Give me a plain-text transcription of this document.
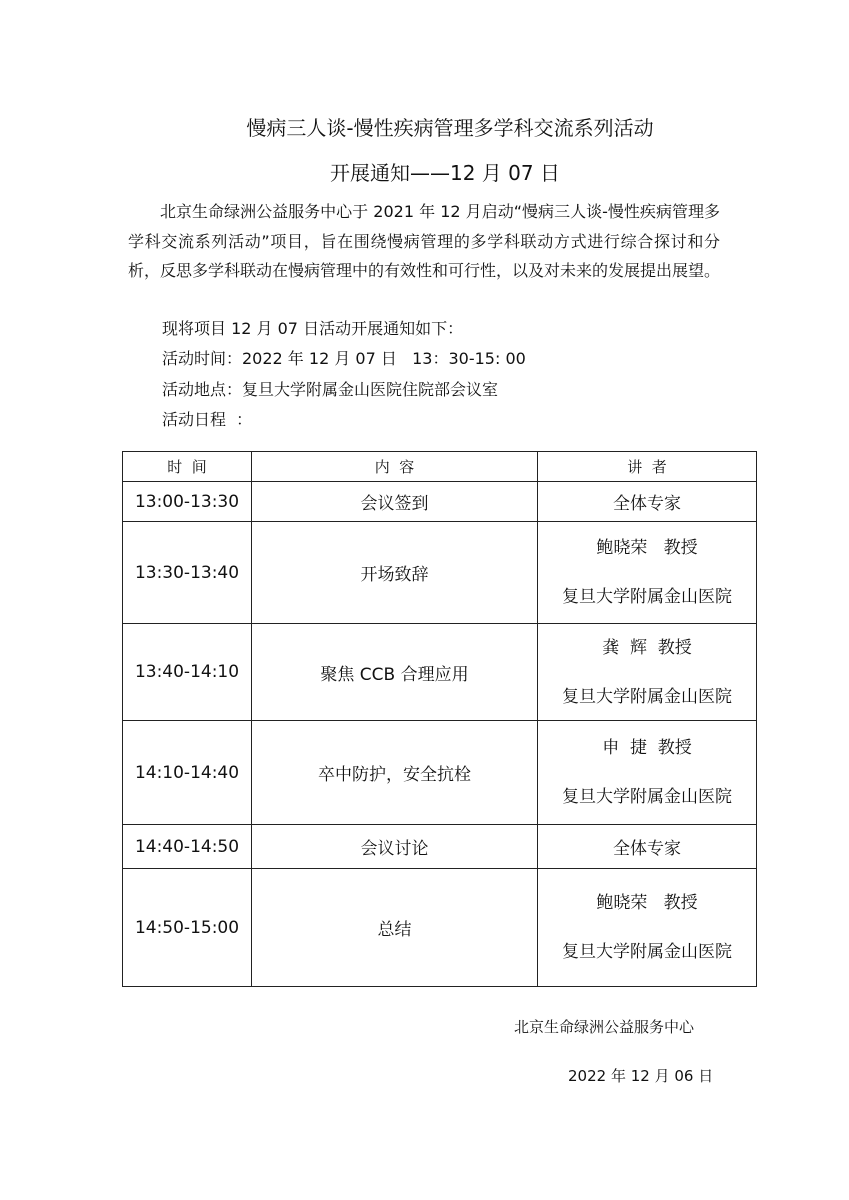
慢病三人谈-慢性疾病管理多学科交流系列活动
开展通知——12 月 07 日
北京生命绿洲公益服务中心于 2021 年 12 月启动“慢病三人谈-慢性疾病管理多学科交流系列活动”项目，旨在围绕慢病管理的多学科联动方式进行综合探讨和分析，反思多学科联动在慢病管理中的有效性和可行性，以及对未来的发展提出展望。
现将项目 12 月 07 日活动开展通知如下：
活动时间：2022 年 12 月 07 日   13：30-15: 00
活动地点：复旦大学附属金山医院住院部会议室
活动日程  ：
时  间	内  容	讲  者
13:00-13:30	会议签到	全体专家
13:30-13:40	开场致辞	鲍晓荣   教授
复旦大学附属金山医院

13:40-14:10	聚焦 CCB 合理应用	龚  辉  教授
复旦大学附属金山医院

14:10-14:40	卒中防护，安全抗栓	申  捷  教授
复旦大学附属金山医院

14:40-14:50	会议讨论	全体专家
14:50-15:00	总结	鲍晓荣   教授
复旦大学附属金山医院
北京生命绿洲公益服务中心
2022 年 12 月 06 日
